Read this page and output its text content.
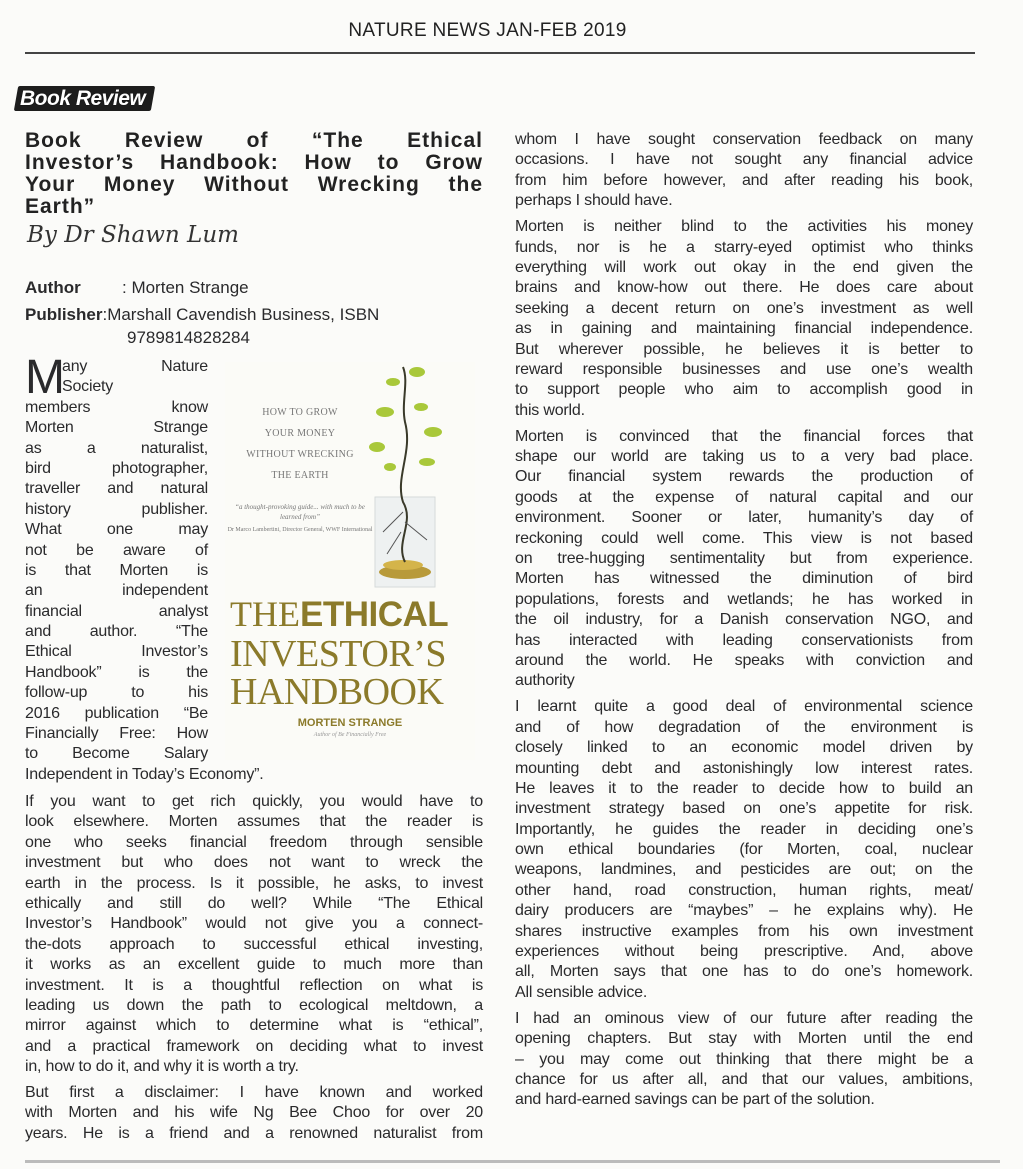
NATURE NEWS JAN-FEB 2019
Book Review
Book Review of “The Ethical
Investor’s Handbook: How to Grow
Your Money Without Wrecking the
Earth”
By Dr Shawn Lum
Author : Morten Strange
Publisher:Marshall Cavendish Business, ISBN
9789814828284
M
any Nature
Society
members know
Morten Strange
as a naturalist,
bird photographer,
traveller and natural
history publisher.
What one may
not be aware of
is that Morten is
an independent
financial analyst
and author. “The
Ethical Investor’s
Handbook” is the
follow-up to his
2016 publication “Be
Financially Free: How
to Become Salary
HOW TO GROW
YOUR MONEY
WITHOUT WRECKING
THE EARTH
“a thought-provoking guide... with much to be learned from”
Dr Marco Lambertini, Director General, WWF International
THEETHICAL
INVESTOR’S
HANDBOOK
MORTEN STRANGE
Author of Be Financially Free
Independent in Today’s Economy”.
If you want to get rich quickly, you would have to
look elsewhere. Morten assumes that the reader is
one who seeks financial freedom through sensible
investment but who does not want to wreck the
earth in the process. Is it possible, he asks, to invest
ethically and still do well? While “The Ethical
Investor’s Handbook” would not give you a connect-
the-dots approach to successful ethical investing,
it works as an excellent guide to much more than
investment. It is a thoughtful reflection on what is
leading us down the path to ecological meltdown, a
mirror against which to determine what is “ethical”,
and a practical framework on deciding what to invest
in, how to do it, and why it is worth a try.
But first a disclaimer: I have known and worked
with Morten and his wife Ng Bee Choo for over 20
years. He is a friend and a renowned naturalist from
whom I have sought conservation feedback on many
occasions. I have not sought any financial advice
from him before however, and after reading his book,
perhaps I should have.
Morten is neither blind to the activities his money
funds, nor is he a starry-eyed optimist who thinks
everything will work out okay in the end given the
brains and know-how out there. He does care about
seeking a decent return on one’s investment as well
as in gaining and maintaining financial independence.
But wherever possible, he believes it is better to
reward responsible businesses and use one’s wealth
to support people who aim to accomplish good in
this world.
Morten is convinced that the financial forces that
shape our world are taking us to a very bad place.
Our financial system rewards the production of
goods at the expense of natural capital and our
environment. Sooner or later, humanity’s day of
reckoning could well come. This view is not based
on tree-hugging sentimentality but from experience.
Morten has witnessed the diminution of bird
populations, forests and wetlands; he has worked in
the oil industry, for a Danish conservation NGO, and
has interacted with leading conservationists from
around the world. He speaks with conviction and
authority
I learnt quite a good deal of environmental science
and of how degradation of the environment is
closely linked to an economic model driven by
mounting debt and astonishingly low interest rates.
He leaves it to the reader to decide how to build an
investment strategy based on one’s appetite for risk.
Importantly, he guides the reader in deciding one’s
own ethical boundaries (for Morten, coal, nuclear
weapons, landmines, and pesticides are out; on the
other hand, road construction, human rights, meat/
dairy producers are “maybes” – he explains why). He
shares instructive examples from his own investment
experiences without being prescriptive. And, above
all, Morten says that one has to do one’s homework.
All sensible advice.
I had an ominous view of our future after reading the
opening chapters. But stay with Morten until the end
– you may come out thinking that there might be a
chance for us after all, and that our values, ambitions,
and hard-earned savings can be part of the solution.
